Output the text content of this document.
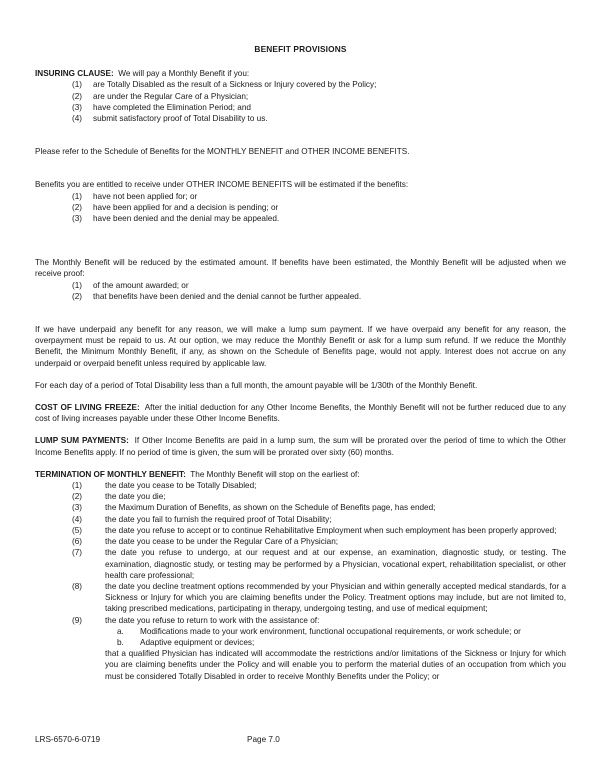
BENEFIT PROVISIONS

INSURING CLAUSE: We will pay a Monthly Benefit if you:

(1)	are Totally Disabled as the result of a Sickness or Injury covered by the Policy;
(2)	are under the Regular Care of a Physician;
(3)	have completed the Elimination Period; and
(4)	submit satisfactory proof of Total Disability to us.

Please refer to the Schedule of Benefits for the MONTHLY BENEFIT and OTHER INCOME BENEFITS.

Benefits you are entitled to receive under OTHER INCOME BENEFITS will be estimated if the benefits:

(1)	have not been applied for; or
(2)	have been applied for and a decision is pending; or
(3)	have been denied and the denial may be appealed.

The Monthly Benefit will be reduced by the estimated amount. If benefits have been estimated, the Monthly Benefit will be adjusted when we receive proof:

(1)	of the amount awarded; or
(2)	that benefits have been denied and the denial cannot be further appealed.

If we have underpaid any benefit for any reason, we will make a lump sum payment. If we have overpaid any benefit for any reason, the overpayment must be repaid to us. At our option, we may reduce the Monthly Benefit or ask for a lump sum refund. If we reduce the Monthly Benefit, the Minimum Monthly Benefit, if any, as shown on the Schedule of Benefits page, would not apply. Interest does not accrue on any underpaid or overpaid benefit unless required by applicable law.

For each day of a period of Total Disability less than a full month, the amount payable will be 1/30th of the Monthly Benefit.

COST OF LIVING FREEZE: After the initial deduction for any Other Income Benefits, the Monthly Benefit will not be further reduced due to any cost of living increases payable under these Other Income Benefits.

LUMP SUM PAYMENTS: If Other Income Benefits are paid in a lump sum, the sum will be prorated over the period of time to which the Other Income Benefits apply. If no period of time is given, the sum will be prorated over sixty (60) months.

TERMINATION OF MONTHLY BENEFIT: The Monthly Benefit will stop on the earliest of:

(1)	the date you cease to be Totally Disabled;
(2)	the date you die;
(3)	the Maximum Duration of Benefits, as shown on the Schedule of Benefits page, has ended;
(4)	the date you fail to furnish the required proof of Total Disability;
(5)	the date you refuse to accept or to continue Rehabilitative Employment when such employment has been properly approved;
(6)	the date you cease to be under the Regular Care of a Physician;
(7)	the date you refuse to undergo, at our request and at our expense, an examination, diagnostic study, or testing. The examination, diagnostic study, or testing may be performed by a Physician, vocational expert, rehabilitation specialist, or other health care professional;
(8)	the date you decline treatment options recommended by your Physician and within generally accepted medical standards, for a Sickness or Injury for which you are claiming benefits under the Policy. Treatment options may include, but are not limited to, taking prescribed medications, participating in therapy, undergoing testing, and use of medical equipment;
(9)	the date you refuse to return to work with the assistance of:
a.	Modifications made to your work environment, functional occupational requirements, or work schedule; or
b.	Adaptive equipment or devices;
that a qualified Physician has indicated will accommodate the restrictions and/or limitations of the Sickness or Injury for which you are claiming benefits under the Policy and will enable you to perform the material duties of an occupation from which you must be considered Totally Disabled in order to receive Monthly Benefits under the Policy; or
LRS-6570-6-0719	Page 7.0
